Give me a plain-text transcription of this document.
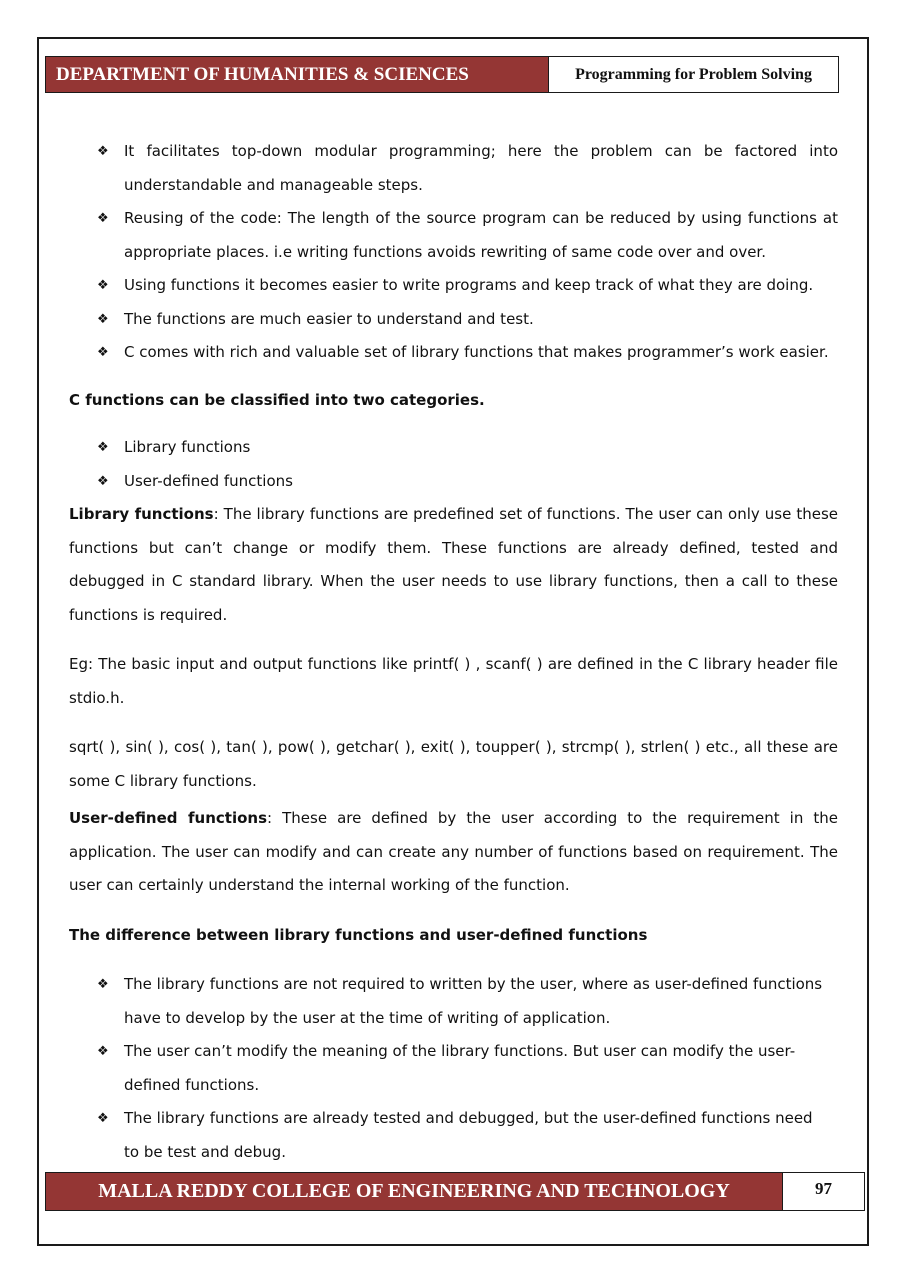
DEPARTMENT OF HUMANITIES & SCIENCES	Programming for Problem Solving
❖ It facilitates top-down modular programming; here the problem can be factored into understandable and manageable steps.
❖ Reusing of the code: The length of the source program can be reduced by using functions at appropriate places. i.e writing functions avoids rewriting of same code over and over.
❖ Using functions it becomes easier to write programs and keep track of what they are doing.
❖ The functions are much easier to understand and test.
❖ C comes with rich and valuable set of library functions that makes programmer’s work easier.

C functions can be classified into two categories.

❖ Library functions
❖ User-defined functions

Library functions: The library functions are predefined set of functions. The user can only use these functions but can’t change or modify them. These functions are already defined, tested and debugged in C standard library. When the user needs to use library functions, then a call to these functions is required.

Eg: The basic input and output functions like printf( ) , scanf( ) are defined in the C library header file stdio.h.

sqrt( ), sin( ), cos( ), tan( ), pow( ), getchar( ), exit( ), toupper( ), strcmp( ), strlen( ) etc., all these are some C library functions.

User-defined functions: These are defined by the user according to the requirement in the application. The user can modify and can create any number of functions based on requirement. The user can certainly understand the internal working of the function.

The difference between library functions and user-defined functions

❖ The library functions are not required to written by the user, where as user-defined functions have to develop by the user at the time of writing of application.
❖ The user can’t modify the meaning of the library functions. But user can modify the user-defined functions.
❖ The library functions are already tested and debugged, but the user-defined functions need to be test and debug.
MALLA REDDY COLLEGE OF ENGINEERING AND TECHNOLOGY	97
